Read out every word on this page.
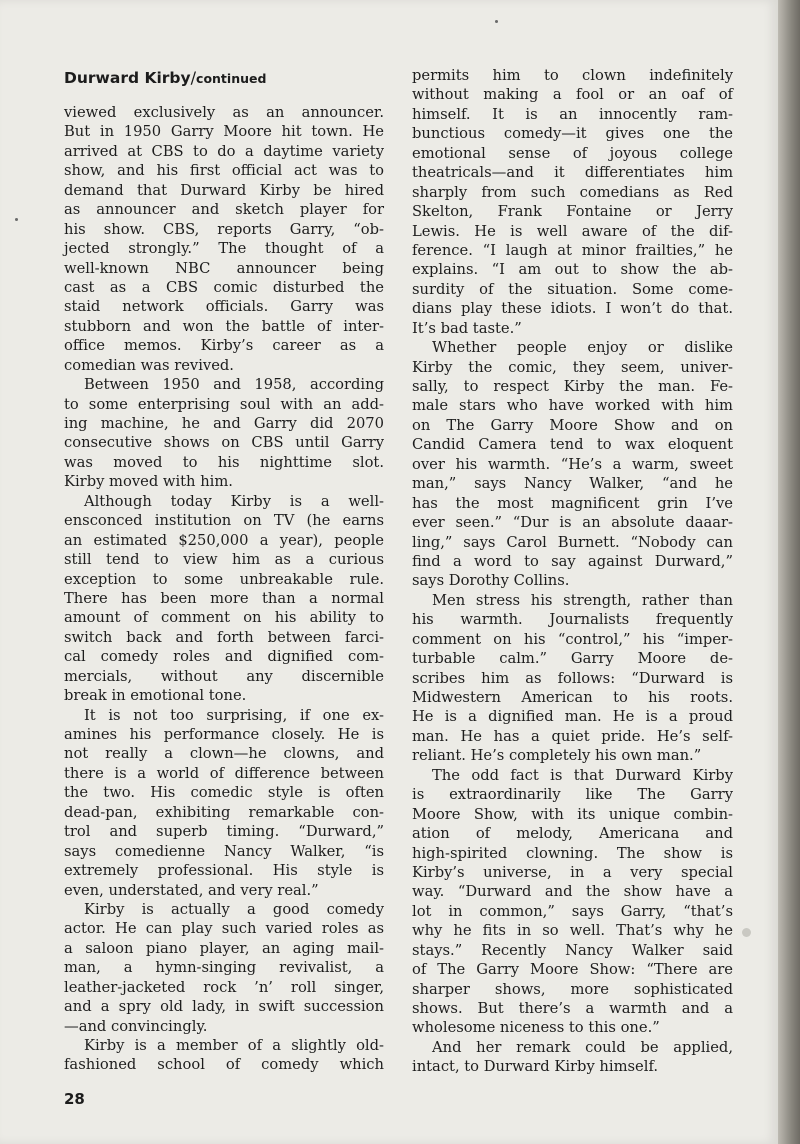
Durward Kirby/continued
viewed exclusively as an announcer.
But in 1950 Garry Moore hit town. He
arrived at CBS to do a daytime variety
show, and his first official act was to
demand that Durward Kirby be hired
as announcer and sketch player for
his show. CBS, reports Garry, “ob-
jected strongly.” The thought of a
well-known NBC announcer being
cast as a CBS comic disturbed the
staid network officials. Garry was
stubborn and won the battle of inter-
office memos. Kirby’s career as a
comedian was revived.
Between 1950 and 1958, according
to some enterprising soul with an add-
ing machine, he and Garry did 2070
consecutive shows on CBS until Garry
was moved to his nighttime slot.
Kirby moved with him.
Although today Kirby is a well-
ensconced institution on TV (he earns
an estimated $250,000 a year), people
still tend to view him as a curious
exception to some unbreakable rule.
There has been more than a normal
amount of comment on his ability to
switch back and forth between farci-
cal comedy roles and dignified com-
mercials, without any discernible
break in emotional tone.
It is not too surprising, if one ex-
amines his performance closely. He is
not really a clown—he clowns, and
there is a world of difference between
the two. His comedic style is often
dead-pan, exhibiting remarkable con-
trol and superb timing. “Durward,”
says comedienne Nancy Walker, “is
extremely professional. His style is
even, understated, and very real.”
Kirby is actually a good comedy
actor. He can play such varied roles as
a saloon piano player, an aging mail-
man, a hymn-singing revivalist, a
leather-jacketed rock ’n’ roll singer,
and a spry old lady, in swift succession
—and convincingly.
Kirby is a member of a slightly old-
fashioned school of comedy which
permits him to clown indefinitely
without making a fool or an oaf of
himself. It is an innocently ram-
bunctious comedy—it gives one the
emotional sense of joyous college
theatricals—and it differentiates him
sharply from such comedians as Red
Skelton, Frank Fontaine or Jerry
Lewis. He is well aware of the dif-
ference. “I laugh at minor frailties,” he
explains. “I am out to show the ab-
surdity of the situation. Some come-
dians play these idiots. I won’t do that.
It’s bad taste.”
Whether people enjoy or dislike
Kirby the comic, they seem, univer-
sally, to respect Kirby the man. Fe-
male stars who have worked with him
on The Garry Moore Show and on
Candid Camera tend to wax eloquent
over his warmth. “He’s a warm, sweet
man,” says Nancy Walker, “and he
has the most magnificent grin I’ve
ever seen.” “Dur is an absolute daaar-
ling,” says Carol Burnett. “Nobody can
find a word to say against Durward,”
says Dorothy Collins.
Men stress his strength, rather than
his warmth. Journalists frequently
comment on his “control,” his “imper-
turbable calm.” Garry Moore de-
scribes him as follows: “Durward is
Midwestern American to his roots.
He is a dignified man. He is a proud
man. He has a quiet pride. He’s self-
reliant. He’s completely his own man.”
The odd fact is that Durward Kirby
is extraordinarily like The Garry
Moore Show, with its unique combin-
ation of melody, Americana and
high-spirited clowning. The show is
Kirby’s universe, in a very special
way. “Durward and the show have a
lot in common,” says Garry, “that’s
why he fits in so well. That’s why he
stays.” Recently Nancy Walker said
of The Garry Moore Show: “There are
sharper shows, more sophisticated
shows. But there’s a warmth and a
wholesome niceness to this one.”
And her remark could be applied,
intact, to Durward Kirby himself.
28
